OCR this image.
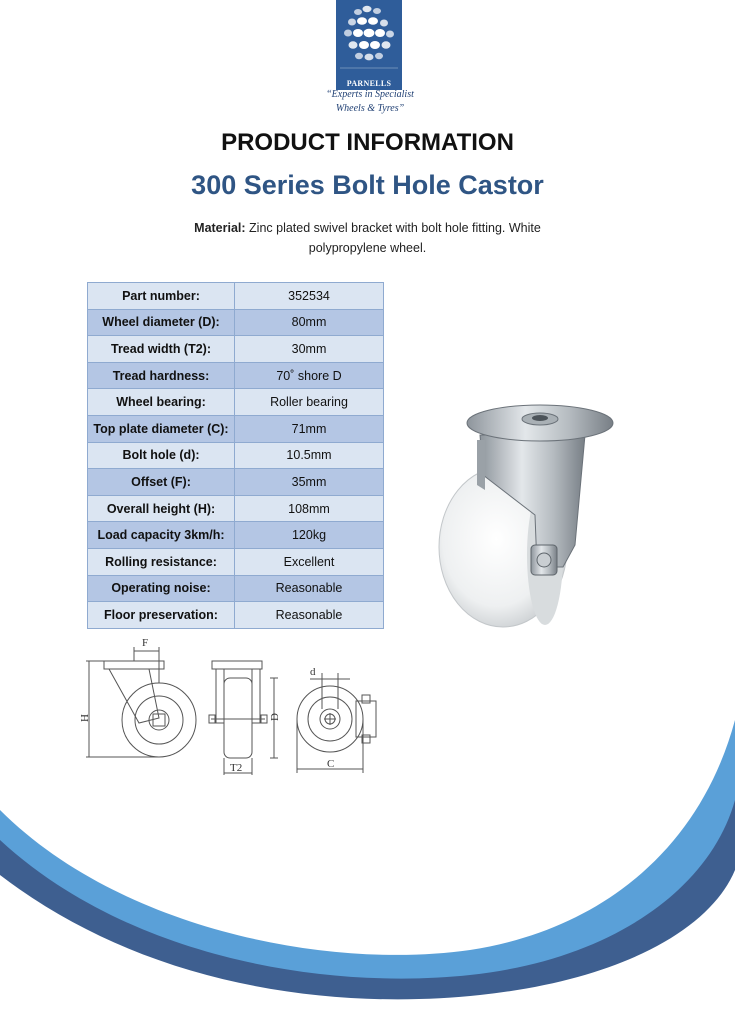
PARNELLS
“Experts in Specialist
Wheels & Tyres”
PRODUCT INFORMATION
300 Series Bolt Hole Castor
Material: Zinc plated swivel bracket with bolt hole fitting. White polypropylene wheel.
Part number:	352534
Wheel diameter (D):	80mm
Tread width (T2):	30mm
Tread hardness:	70˚ shore D
Wheel bearing:	Roller bearing
Top plate diameter (C):	71mm
Bolt hole (d):	10.5mm
Offset (F):	35mm
Overall height (H):	108mm
Load capacity 3km/h:	120kg
Rolling resistance:	Excellent
Operating noise:	Reasonable
Floor preservation:	Reasonable
F
H	D
T2
d
C
